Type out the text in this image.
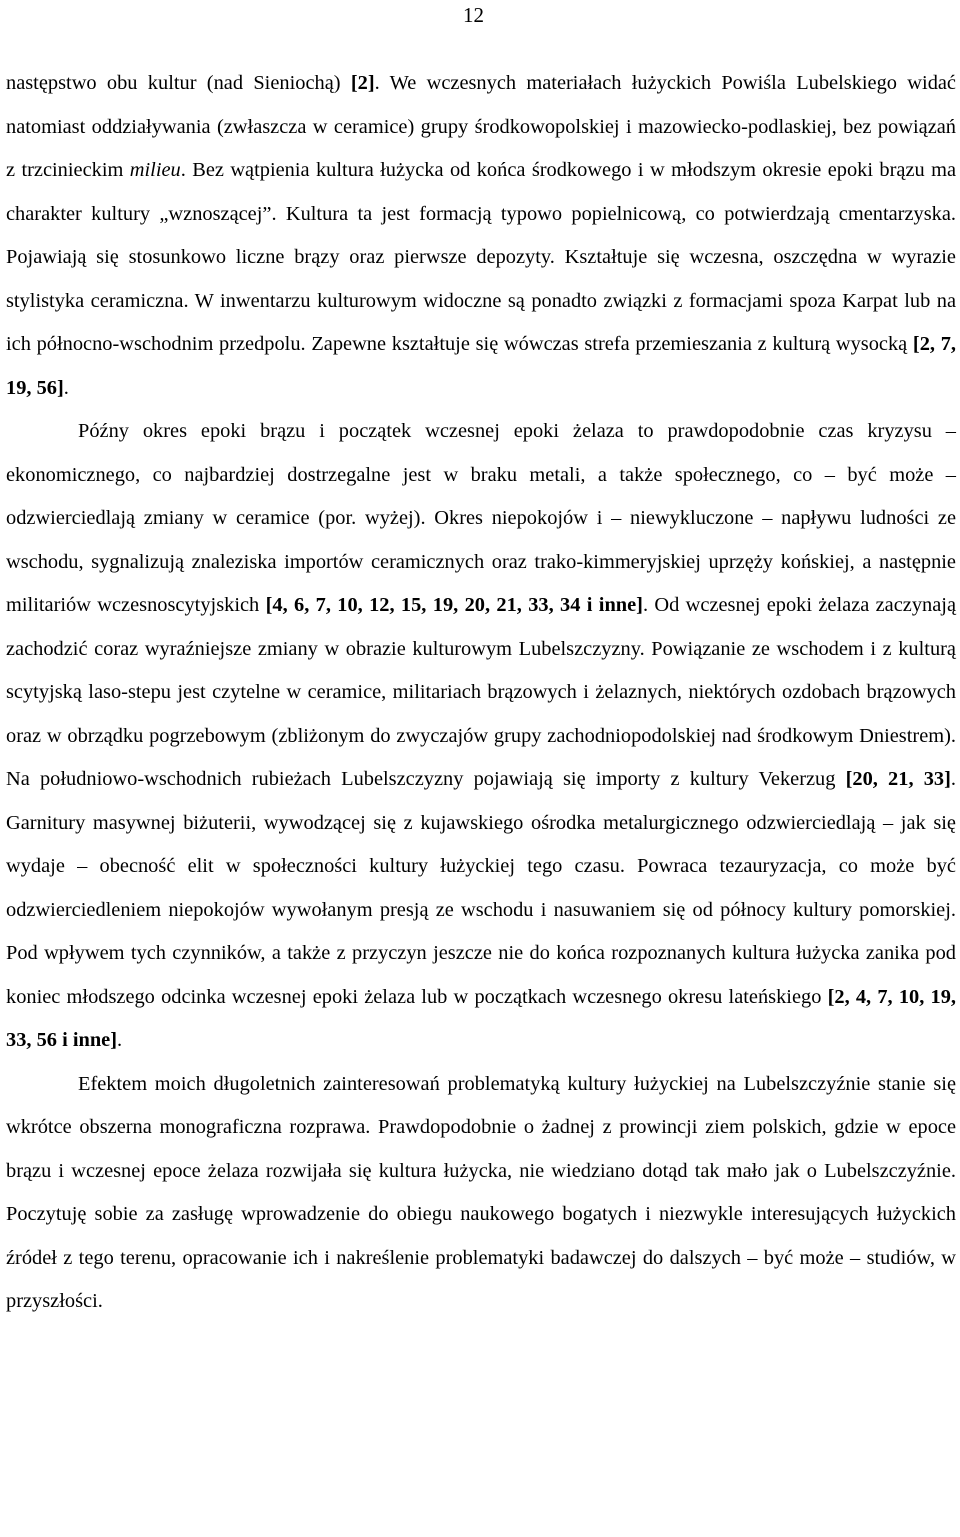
12

następstwo obu kultur (nad Sieniochą) [2]. We wczesnych materiałach łużyckich Powiśla Lubelskiego widać natomiast oddziaływania (zwłaszcza w ceramice) grupy środkowopolskiej i mazowiecko-podlaskiej, bez powiązań z trzcinieckim milieu. Bez wątpienia kultura łużycka od końca środkowego i w młodszym okresie epoki brązu ma charakter kultury „wznoszącej”. Kultura ta jest formacją typowo popielnicową, co potwierdzają cmentarzyska. Pojawiają się stosunkowo liczne brązy oraz pierwsze depozyty. Kształtuje się wczesna, oszczędna w wyrazie stylistyka ceramiczna. W inwentarzu kulturowym widoczne są ponadto związki z formacjami spoza Karpat lub na ich północno-wschodnim przedpolu. Zapewne kształtuje się wówczas strefa przemieszania z kulturą wysocką [2, 7, 19, 56].

Późny okres epoki brązu i początek wczesnej epoki żelaza to prawdopodobnie czas kryzysu – ekonomicznego, co najbardziej dostrzegalne jest w braku metali, a także społecznego, co – być może – odzwierciedlają zmiany w ceramice (por. wyżej). Okres niepokojów i – niewykluczone – napływu ludności ze wschodu, sygnalizują znaleziska importów ceramicznych oraz trako-kimmeryjskiej uprzęży końskiej, a następnie militariów wczesnoscytyjskich [4, 6, 7, 10, 12, 15, 19, 20, 21, 33, 34 i inne]. Od wczesnej epoki żelaza zaczynają zachodzić coraz wyraźniejsze zmiany w obrazie kulturowym Lubelszczyzny. Powiązanie ze wschodem i z kulturą scytyjską laso-stepu jest czytelne w ceramice, militariach brązowych i żelaznych, niektórych ozdobach brązowych oraz w obrządku pogrzebowym (zbliżonym do zwyczajów grupy zachodniopodolskiej nad środkowym Dniestrem). Na południowo-wschodnich rubieżach Lubelszczyzny pojawiają się importy z kultury Vekerzug [20, 21, 33]. Garnitury masywnej biżuterii, wywodzącej się z kujawskiego ośrodka metalurgicznego odzwierciedlają – jak się wydaje – obecność elit w społeczności kultury łużyckiej tego czasu. Powraca tezauryzacja, co może być odzwierciedleniem niepokojów wywołanym presją ze wschodu i nasuwaniem się od północy kultury pomorskiej. Pod wpływem tych czynników, a także z przyczyn jeszcze nie do końca rozpoznanych kultura łużycka zanika pod koniec młodszego odcinka wczesnej epoki żelaza lub w początkach wczesnego okresu lateńskiego [2, 4, 7, 10, 19, 33, 56 i inne].

Efektem moich długoletnich zainteresowań problematyką kultury łużyckiej na Lubelszczyźnie stanie się wkrótce obszerna monograficzna rozprawa. Prawdopodobnie o żadnej z prowincji ziem polskich, gdzie w epoce brązu i wczesnej epoce żelaza rozwijała się kultura łużycka, nie wiedziano dotąd tak mało jak o Lubelszczyźnie. Poczytuję sobie za zasługę wprowadzenie do obiegu naukowego bogatych i niezwykle interesujących łużyckich źródeł z tego terenu, opracowanie ich i nakreślenie problematyki badawczej do dalszych – być może – studiów, w przyszłości.
